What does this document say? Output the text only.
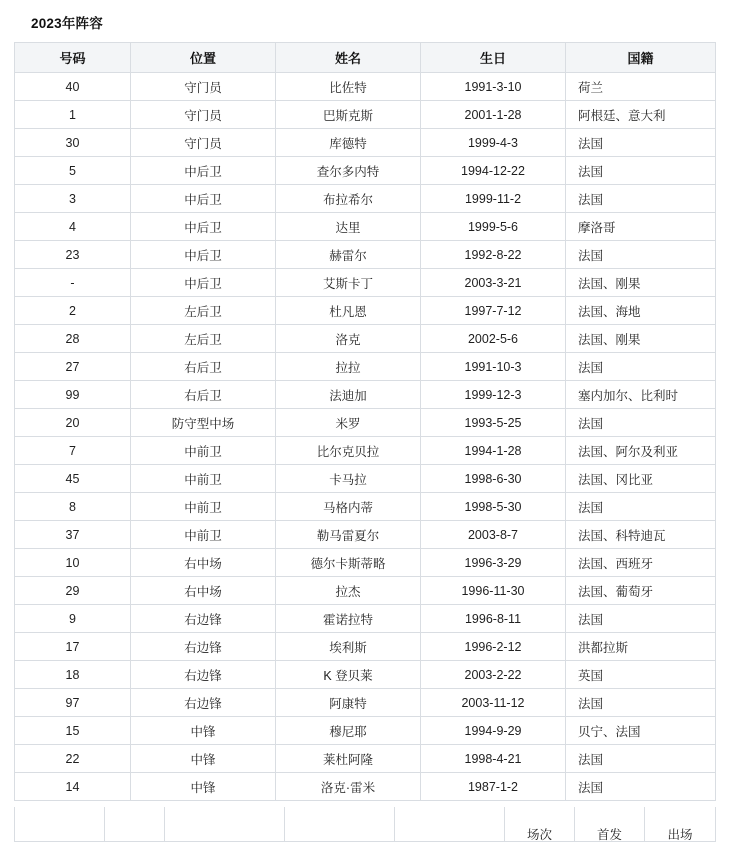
2023年阵容
号码	位置	姓名	生日	国籍
40	守门员	比佐特	1991-3-10	荷兰
1	守门员	巴斯克斯	2001-1-28	阿根廷、意大利
30	守门员	库德特	1999-4-3	法国
5	中后卫	查尔多内特	1994-12-22	法国
3	中后卫	布拉希尔	1999-11-2	法国
4	中后卫	达里	1999-5-6	摩洛哥
23	中后卫	赫雷尔	1992-8-22	法国
-	中后卫	艾斯卡丁	2003-3-21	法国、刚果
2	左后卫	杜凡恩	1997-7-12	法国、海地
28	左后卫	洛克	2002-5-6	法国、刚果
27	右后卫	拉拉	1991-10-3	法国
99	右后卫	法迪加	1999-12-3	塞内加尔、比利时
20	防守型中场	米罗	1993-5-25	法国
7	中前卫	比尔克贝拉	1994-1-28	法国、阿尔及利亚
45	中前卫	卡马拉	1998-6-30	法国、冈比亚
8	中前卫	马格内蒂	1998-5-30	法国
37	中前卫	勒马雷夏尔	2003-8-7	法国、科特迪瓦
10	右中场	德尔卡斯蒂略	1996-3-29	法国、西班牙
29	右中场	拉杰	1996-11-30	法国、葡萄牙
9	右边锋	霍诺拉特	1996-8-11	法国
17	右边锋	埃利斯	1996-2-12	洪都拉斯
18	右边锋	K 登贝莱	2003-2-22	英国
97	右边锋	阿康特	2003-11-12	法国
15	中锋	穆尼耶	1994-9-29	贝宁、法国
22	中锋	莱杜阿隆	1998-4-21	法国
14	中锋	洛克·雷米	1987-1-2	法国

场次	首发	出场
